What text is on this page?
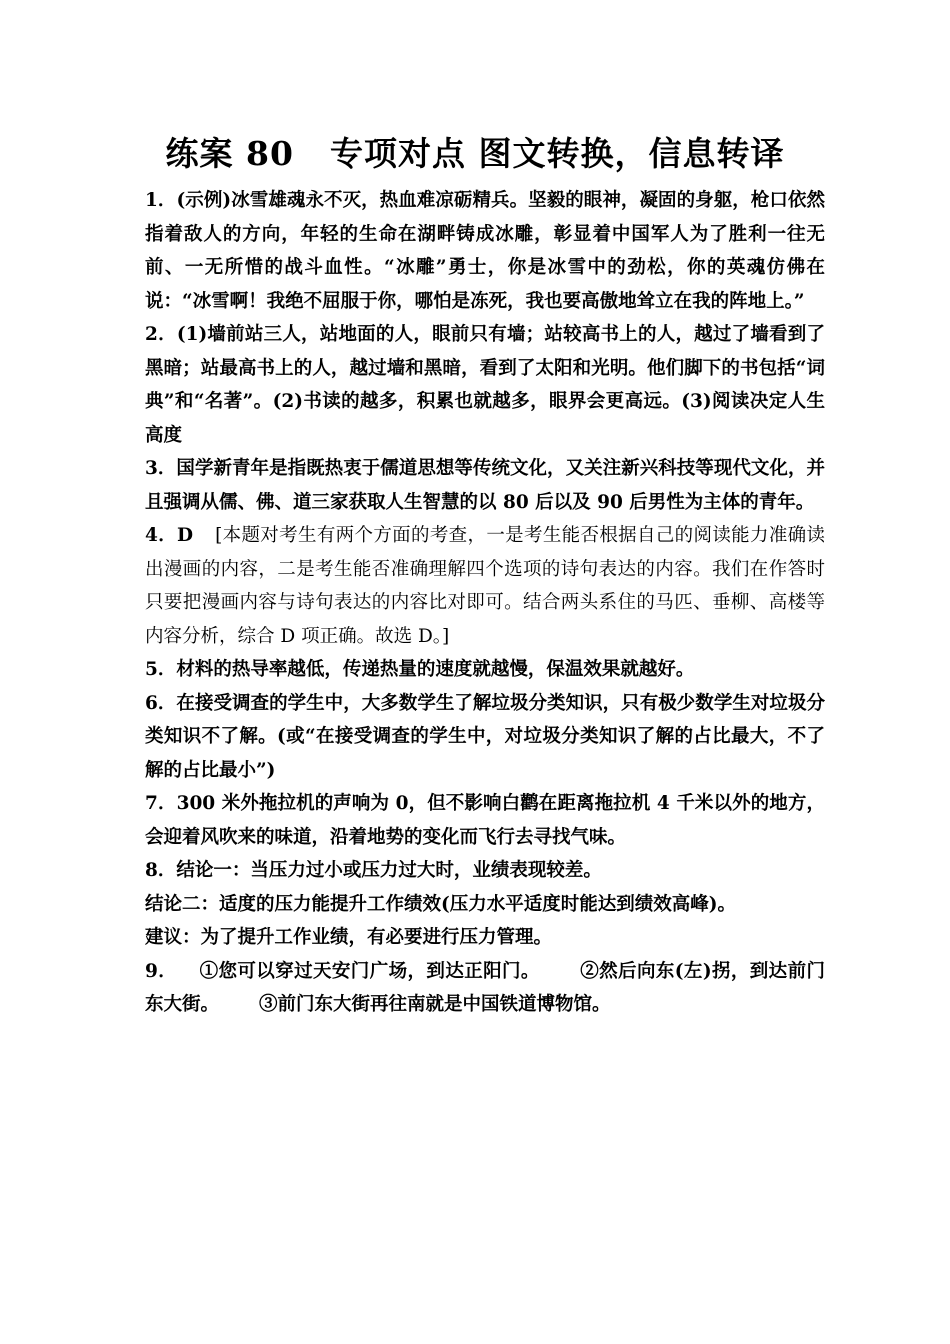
练案 80 专项对点 图文转换，信息转译

1．(示例)冰雪雄魂永不灭，热血难凉砺精兵。坚毅的眼神，凝固的身躯，枪口依然指着敌人的方向，年轻的生命在湖畔铸成冰雕，彰显着中国军人为了胜利一往无前、一无所惜的战斗血性。“冰雕”勇士，你是冰雪中的劲松，你的英魂仿佛在说：“冰雪啊！我绝不屈服于你，哪怕是冻死，我也要高傲地耸立在我的阵地上。”

2．(1)墙前站三人，站地面的人，眼前只有墙；站较高书上的人，越过了墙看到了黑暗；站最高书上的人，越过墙和黑暗，看到了太阳和光明。他们脚下的书包括“词典”和“名著”。(2)书读的越多，积累也就越多，眼界会更高远。(3)阅读决定人生高度

3．国学新青年是指既热衷于儒道思想等传统文化，又关注新兴科技等现代文化，并且强调从儒、佛、道三家获取人生智慧的以 80 后以及 90 后男性为主体的青年。

4．D [本题对考生有两个方面的考查，一是考生能否根据自己的阅读能力准确读出漫画的内容，二是考生能否准确理解四个选项的诗句表达的内容。我们在作答时只要把漫画内容与诗句表达的内容比对即可。结合两头系住的马匹、垂柳、高楼等内容分析，综合 D 项正确。故选 D。]

5．材料的热导率越低，传递热量的速度就越慢，保温效果就越好。

6．在接受调查的学生中，大多数学生了解垃圾分类知识，只有极少数学生对垃圾分类知识不了解。(或“在接受调查的学生中，对垃圾分类知识了解的占比最大，不了解的占比最小”)

7．300 米外拖拉机的声响为 0，但不影响白鹳在距离拖拉机 4 千米以外的地方，会迎着风吹来的味道，沿着地势的变化而飞行去寻找气味。

8．结论一：当压力过小或压力过大时，业绩表现较差。

结论二：适度的压力能提升工作绩效(压力水平适度时能达到绩效高峰)。

建议：为了提升工作业绩，有必要进行压力管理。

9． ①您可以穿过天安门广场，到达正阳门。 ②然后向东(左)拐，到达前门东大街。 ③前门东大街再往南就是中国铁道博物馆。
